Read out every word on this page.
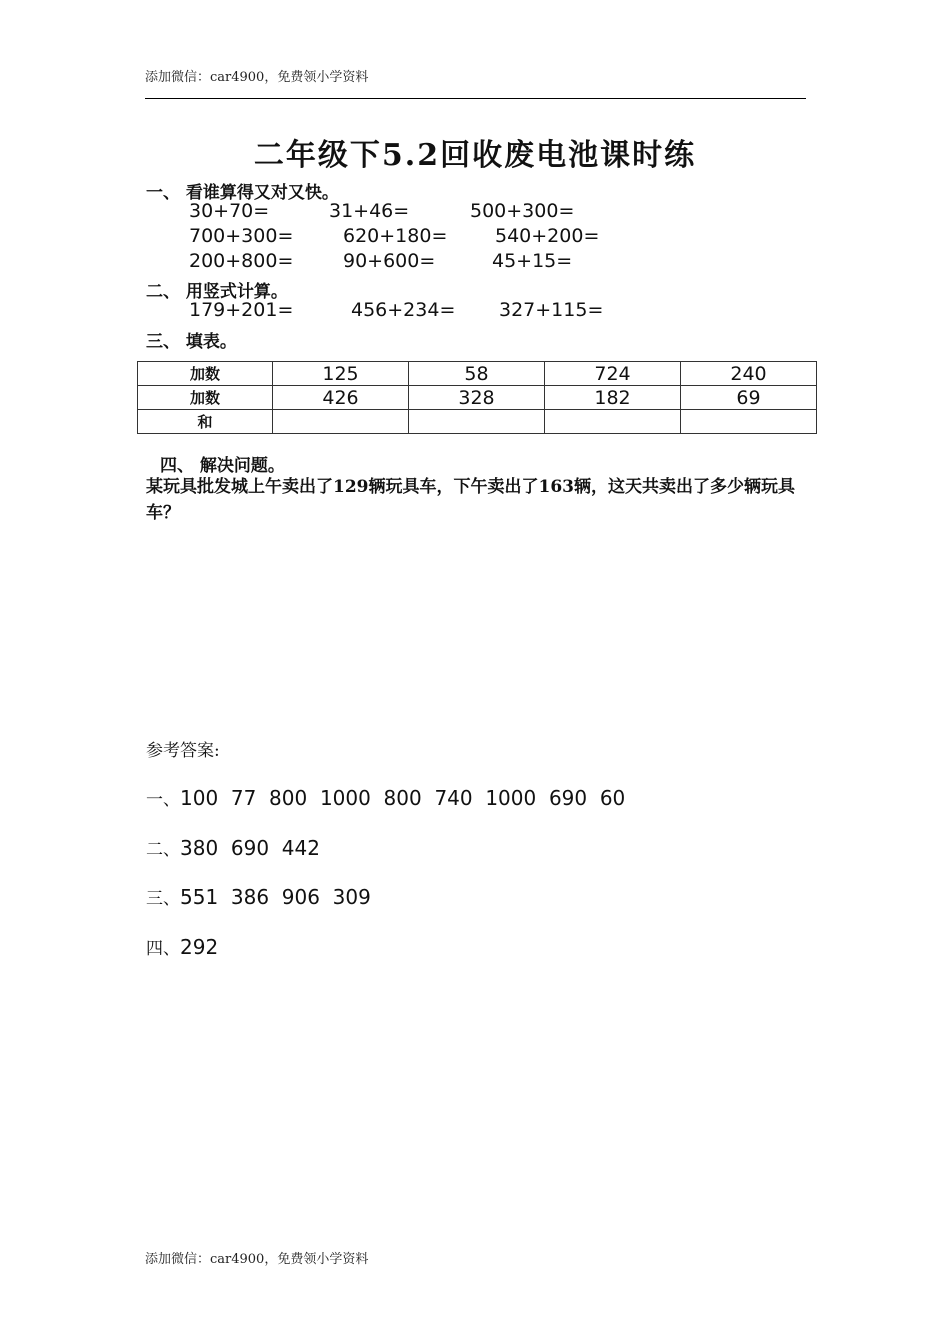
添加微信：car4900，免费领小学资料
二年级下5.2回收废电池课时练
一、 看谁算得又对又快。
30+70=	31+46=	500+300=
700+300=	620+180=	540+200=
200+800=	90+600=	45+15=
二、 用竖式计算。
179+201=	456+234= 327+115=
三、 填表。
加数	125	58	724	240
加数	426	328	182	69
和				
四、 解决问题。
某玩具批发城上午卖出了129辆玩具车，下午卖出了163辆，这天共卖出了多少辆玩具车？
参考答案:
一、100  77  800  1000  800  740  1000  690  60
二、380  690  442
三、551  386  906  309
四、292
添加微信：car4900，免费领小学资料
